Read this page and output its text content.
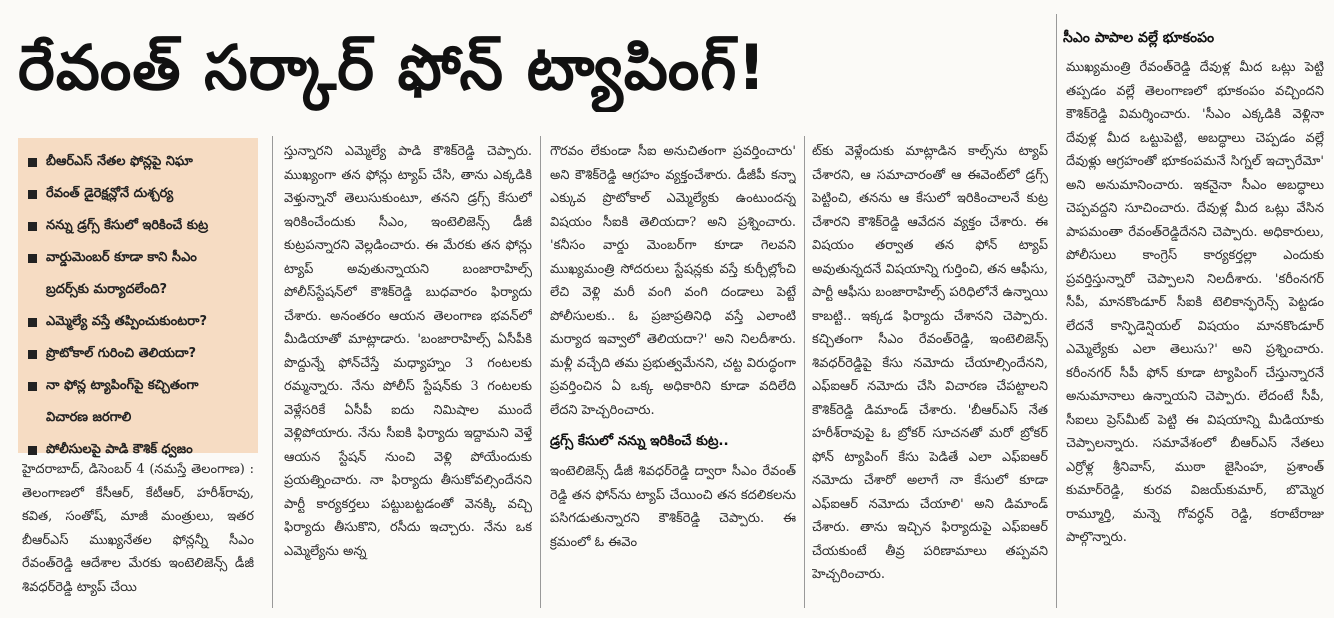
రేవంత్ సర్కార్ ఫోన్ ట్యాపింగ్!
బీఆర్ఎస్ నేతల ఫోన్లపై నిఘా
రేవంత్ డైరెక్షన్లోనే దుశ్చర్య
నన్ను డ్రగ్స్ కేసులో ఇరికించే కుట్ర
వార్డుమెంబర్ కూడా కాని సీఎం
బ్రదర్స్‌కు మర్యాదలేంది?
ఎమ్మెల్యే వస్తే తప్పించుకుంటరా?
ప్రొటోకాల్ గురించి తెలియదా?
నా ఫోన్ల ట్యాపింగ్‌పై కచ్చితంగా
విచారణ జరగాలి
పోలీసులపై పాడి కౌశిక్ ధ్వజం

హైదరాబాద్, డిసెంబర్ 4 (నమస్తే తెలంగాణ) : తెలంగాణలో కేసీఆర్, కేటీఆర్, హరీశ్‌రావు, కవిత, సంతోష్, మాజీ మంత్రులు, ఇతర బీఆర్ఎస్ ముఖ్యనేతల ఫోన్లన్నీ సీఎం రేవంత్‌రెడ్డి ఆదేశాల మేరకు ఇంటెలిజెన్స్ డీజీ శివధర్‌రెడ్డి ట్యాప్ చేయి

స్తున్నారని ఎమ్మెల్యే పాడి కౌశిక్‌రెడ్డి చెప్పారు. ముఖ్యంగా తన ఫోన్లు ట్యాప్ చేసి, తాను ఎక్కడికి వెళ్తున్నానో తెలుసుకుంటూ, తనని డ్రగ్స్ కేసులో ఇరికించేందుకు సీఎం, ఇంటెలిజెన్స్ డీజీ కుట్రపన్నారని వెల్లడించారు. ఈ మేరకు తన ఫోన్లు ట్యాప్ అవుతున్నాయని బంజారాహిల్స్ పోలీస్‌స్టేషన్‌లో కౌశిక్‌రెడ్డి బుధవారం ఫిర్యాదు చేశారు. అనంతరం ఆయన తెలంగాణ భవన్‌లో మీడియాతో మాట్లాడారు. 'బంజారాహిల్స్ ఏసీపీకి పొద్దున్నే ఫోన్‌చేస్తే మధ్యాహ్నం 3 గంటలకు రమ్మన్నారు. నేను పోలీస్ స్టేషన్‌కు 3 గంటలకు వెళ్లేసరికే ఏసీపీ ఐదు నిమిషాల ముందే వెళ్లిపోయారు. నేను సీఐకి ఫిర్యాదు ఇద్దామని వెళ్తే ఆయన స్టేషన్ నుంచి వెళ్లి పోయేందుకు ప్రయత్నించారు. నా ఫిర్యాదు తీసుకోవల్సిందేనని పార్టీ కార్యకర్తలు పట్టుబట్టడంతో వెనక్కి వచ్చి ఫిర్యాదు తీసుకొని, రసీదు ఇచ్చారు. నేను ఒక ఎమ్మెల్యేను అన్న

గౌరవం లేకుండా సీఐ అనుచితంగా ప్రవర్తించారు' అని కౌశిక్‌రెడ్డి ఆగ్రహం వ్యక్తంచేశారు. డీజీపీ కన్నా ఎక్కువ ప్రొటోకాల్ ఎమ్మెల్యేకు ఉంటుందన్న విషయం సీఐకి తెలియదా? అని ప్రశ్నించారు. 'కనీసం వార్డు మెంబర్‌గా కూడా గెలవని ముఖ్యమంత్రి సోదరులు స్టేషన్లకు వస్తే కుర్చీల్లోంచి లేచి వెళ్లి మరీ వంగి వంగి దండాలు పెట్టే పోలీసులకు.. ఓ ప్రజాప్రతినిధి వస్తే ఎలాంటి మర్యాద ఇవ్వాలో తెలియదా?' అని నిలదీశారు. మళ్లీ వచ్చేది తమ ప్రభుత్వమేనని, చట్ట విరుద్ధంగా ప్రవర్తించిన ఏ ఒక్క అధికారిని కూడా వదిలేది లేదని హెచ్చరించారు.

డ్రగ్స్ కేసులో నన్ను ఇరికించే కుట్ర..

ఇంటెలిజెన్స్ డీజీ శివధర్‌రెడ్డి ద్వారా సీఎం రేవంత్ రెడ్డి తన ఫోన్‌ను ట్యాప్ చేయించి తన కదలికలను పసిగడుతున్నారని కౌశిక్‌రెడ్డి చెప్పారు. ఈ క్రమంలో ఓ ఈవెం

ట్‌కు వెళ్లేందుకు మాట్లాడిన కాల్స్‌ను ట్యాప్ చేశారని, ఆ సమాచారంతో ఆ ఈవెంట్‌లో డ్రగ్స్ పెట్టించి, తనను ఆ కేసులో ఇరికించాలనే కుట్ర చేశారని కౌశిక్‌రెడ్డి ఆవేదన వ్యక్తం చేశారు. ఈ విషయం తర్వాత తన ఫోన్ ట్యాప్ అవుతున్నదనే విషయాన్ని గుర్తించి, తన ఆఫీసు, పార్టీ ఆఫీసు బంజారాహిల్స్ పరిధిలోనే ఉన్నాయి కాబట్టి.. ఇక్కడ ఫిర్యాదు చేశానని చెప్పారు. కచ్చితంగా సీఎం రేవంత్‌రెడ్డి, ఇంటెలిజెన్స్ శివధర్‌రెడ్డిపై కేసు నమోదు చేయాల్సిందేనని, ఎఫ్ఐఆర్ నమోదు చేసి విచారణ చేపట్టాలని కౌశిక్‌రెడ్డి డిమాండ్ చేశారు. 'బీఆర్ఎస్ నేత హరీశ్‌రావుపై ఓ బ్రోకర్ సూచనతో మరో బ్రోకర్ ఫోన్ ట్యాపింగ్ కేసు పెడితే ఎలా ఎఫ్ఐఆర్ నమోదు చేశారో అలాగే నా కేసులో కూడా ఎఫ్ఐఆర్ నమోదు చేయాలి' అని డిమాండ్ చేశారు. తాను ఇచ్చిన ఫిర్యాదుపై ఎఫ్ఐఆర్ చేయకుంటే తీవ్ర పరిణామాలు తప్పవని హెచ్చరించారు.

సీఎం పాపాల వల్లే భూకంపం

ముఖ్యమంత్రి రేవంత్‌రెడ్డి దేవుళ్ల మీద ఒట్లు పెట్టి తప్పడం వల్లే తెలంగాణలో భూకంపం వచ్చిందని కౌశిక్‌రెడ్డి విమర్శించారు. 'సీఎం ఎక్కడికి వెళ్లినా దేవుళ్ల మీద ఒట్టుపెట్టి, అబద్ధాలు చెప్పడం వల్లే దేవుళ్లు ఆగ్రహంతో భూకంపమనే సిగ్నల్ ఇచ్చారేమో' అని అనుమానించారు. ఇకనైనా సీఎం అబద్ధాలు చెప్పవద్దని సూచించారు. దేవుళ్ల మీద ఒట్లు వేసిన పాపమంతా రేవంత్‌రెడ్డిదేనని చెప్పారు. అధికారులు, పోలీసులు కాంగ్రెస్ కార్యకర్తల్లా ఎందుకు ప్రవర్తిస్తున్నారో చెప్పాలని నిలదీశారు. 'కరీంనగర్ సీపీ, మానకొండూర్ సీఐకి టెలికాన్ఫరెన్స్ పెట్టడం లేదనే కాన్ఫిడెన్షియల్ విషయం మానకొండూర్ ఎమ్మెల్యేకు ఎలా తెలుసు?' అని ప్రశ్నించారు. కరీంనగర్ సీపీ ఫోన్ కూడా ట్యాపింగ్ చేస్తున్నారనే అనుమానాలు ఉన్నాయని చెప్పారు. లేదంటే సీపీ, సీఐలు ప్రెస్‌మీట్ పెట్టి ఈ విషయాన్ని మీడియాకు చెప్పాలన్నారు. సమావేశంలో బీఆర్ఎస్ నేతలు ఎర్రోళ్ల శ్రీనివాస్, ముఠా జైసింహ, ప్రశాంత్ కుమార్‌రెడ్డి, కురవ విజయ్‌కుమార్, బొమ్మెర రామ్మూర్తి, మన్నె గోవర్ధన్ రెడ్డి, కరాటేరాజు పాల్గొన్నారు.
